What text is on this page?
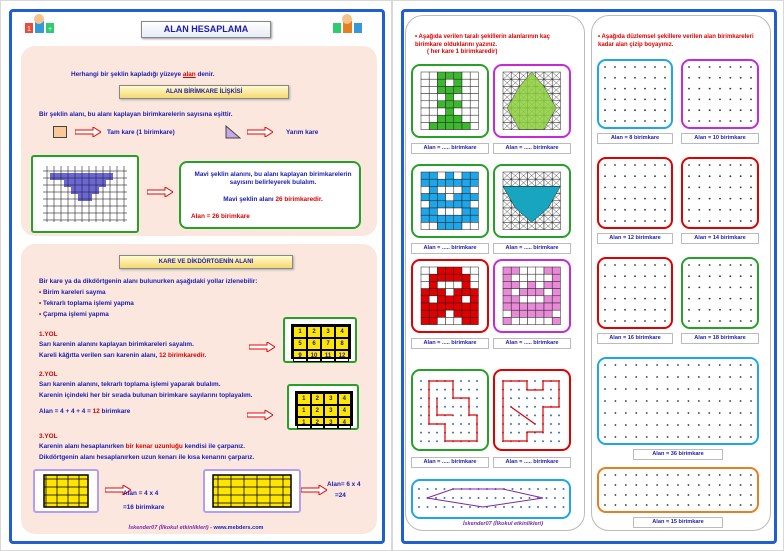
1 +	ALAN HESAPLAMA
Herhangi bir şeklin kapladığı yüzeye alan denir.
ALAN BİRİMKARE İLİŞKİSİ
Bir şeklin alanı, bu alanı kaplayan birimkarelerin sayısına eşittir.
Tam kare (1 birimkare)	Yarım kare
Mavi şeklin alanını, bu alanı kaplayan birimkarelerin sayısını belirleyerek bulalım.
Mavi şeklin alanı 26 birimkaredir.
Alan = 26 birimkare
KARE VE DİKDÖRTGENİN ALANI
Bir kare ya da dikdörtgenin alanı bulunurken aşağıdaki yollar izlenebilir:
• Birim kareleri sayma
• Tekrarlı toplama işlemi yapma
• Çarpma işlemi yapma
1.YOL
Sarı karenin alanını kaplayan birimkareleri sayalım.
Kareli kâğıtta verilen sarı karenin alanı, 12 birimkaredir.
1	2	3	4
5	6	7	8
9	10	11	12
2.YOL
Sarı karenin alanını, tekrarlı toplama işlemi yaparak bulalım.
Karenin içindeki her bir sırada bulunan birimkare sayılarını toplayalım.
Alan = 4 + 4 + 4 = 12 birimkare
1	2	3	4
1	2	3	4
1	2	3	4
3.YOL
Karenin alanı hesaplanırken bir kenar uzunluğu kendisi ile çarpanız.
Dikdörtgenin alanı hesaplanırken uzun kenarı ile kısa kenarını çarparız.
Alan = 4 x 4
=16 birimkare
Alan= 6 x 4
=24
İskender07 (İlkokul etkinlikleri) - www.mebders.com
• Aşağıda verilen taralı şekillerin alanlarının kaç birimkare olduklarını yazınız.
( her kare 1 birimkaredir)
• Aşağıda düzlemsel şekillere verilen alan birimkareleri kadar alan çizip boyayınız.
İskender07 (İlkokul etkinlikleri)
Alan = ..... birimkare	Alan = ..... birimkare
Alan = ..... birimkare	Alan = ..... birimkare
Alan = ..... birimkare	Alan = ..... birimkare
Alan = ..... birimkare	Alan = ..... birimkare
Alan = 8 birimkare	Alan = 10 birimkare
Alan = 12 birimkare	Alan = 14 birimkare
Alan = 16 birimkare	Alan = 18 birimkare
Alan = 36 birimkare
Alan = 15 birimkare
